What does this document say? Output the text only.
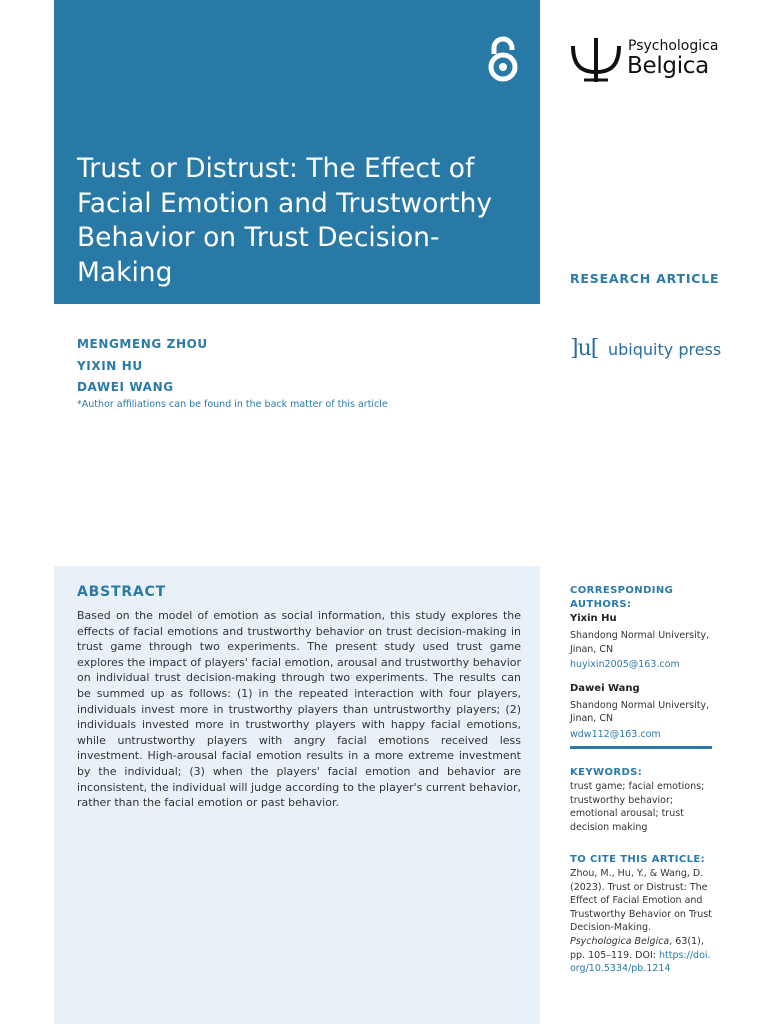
Trust or Distrust: The Effect of Facial Emotion and Trustworthy Behavior on Trust Decision-Making
Psychologica
Belgica
RESEARCH ARTICLE
]u[ ubiquity press
MENGMENG ZHOU
YIXIN HU
DAWEI WANG
*Author affiliations can be found in the back matter of this article
ABSTRACT

Based on the model of emotion as social information, this study explores the effects of facial emotions and trustworthy behavior on trust decision-making in trust game through two experiments. The present study used trust game explores the impact of players' facial emotion, arousal and trustworthy behavior on individual trust decision-making through two experiments. The results can be summed up as follows: (1) in the repeated interaction with four players, individuals invest more in trustworthy players than untrustworthy players; (2) individuals invested more in trustworthy players with happy facial emotions, while untrustworthy players with angry facial emotions received less investment. High-arousal facial emotion results in a more extreme investment by the individual; (3) when the players' facial emotion and behavior are inconsistent, the individual will judge according to the player's current behavior, rather than the facial emotion or past behavior.

CORRESPONDING AUTHORS:
Yixin Hu
Shandong Normal University, Jinan, CN
huyixin2005@163.com
Dawei Wang
Shandong Normal University, Jinan, CN
wdw112@163.com
KEYWORDS:
trust game; facial emotions; trustworthy behavior; emotional arousal; trust decision making
TO CITE THIS ARTICLE:
Zhou, M., Hu, Y., & Wang, D. (2023). Trust or Distrust: The Effect of Facial Emotion and Trustworthy Behavior on Trust Decision-Making. Psychologica Belgica, 63(1), pp. 105–119. DOI: https://doi.org/10.5334/pb.1214
